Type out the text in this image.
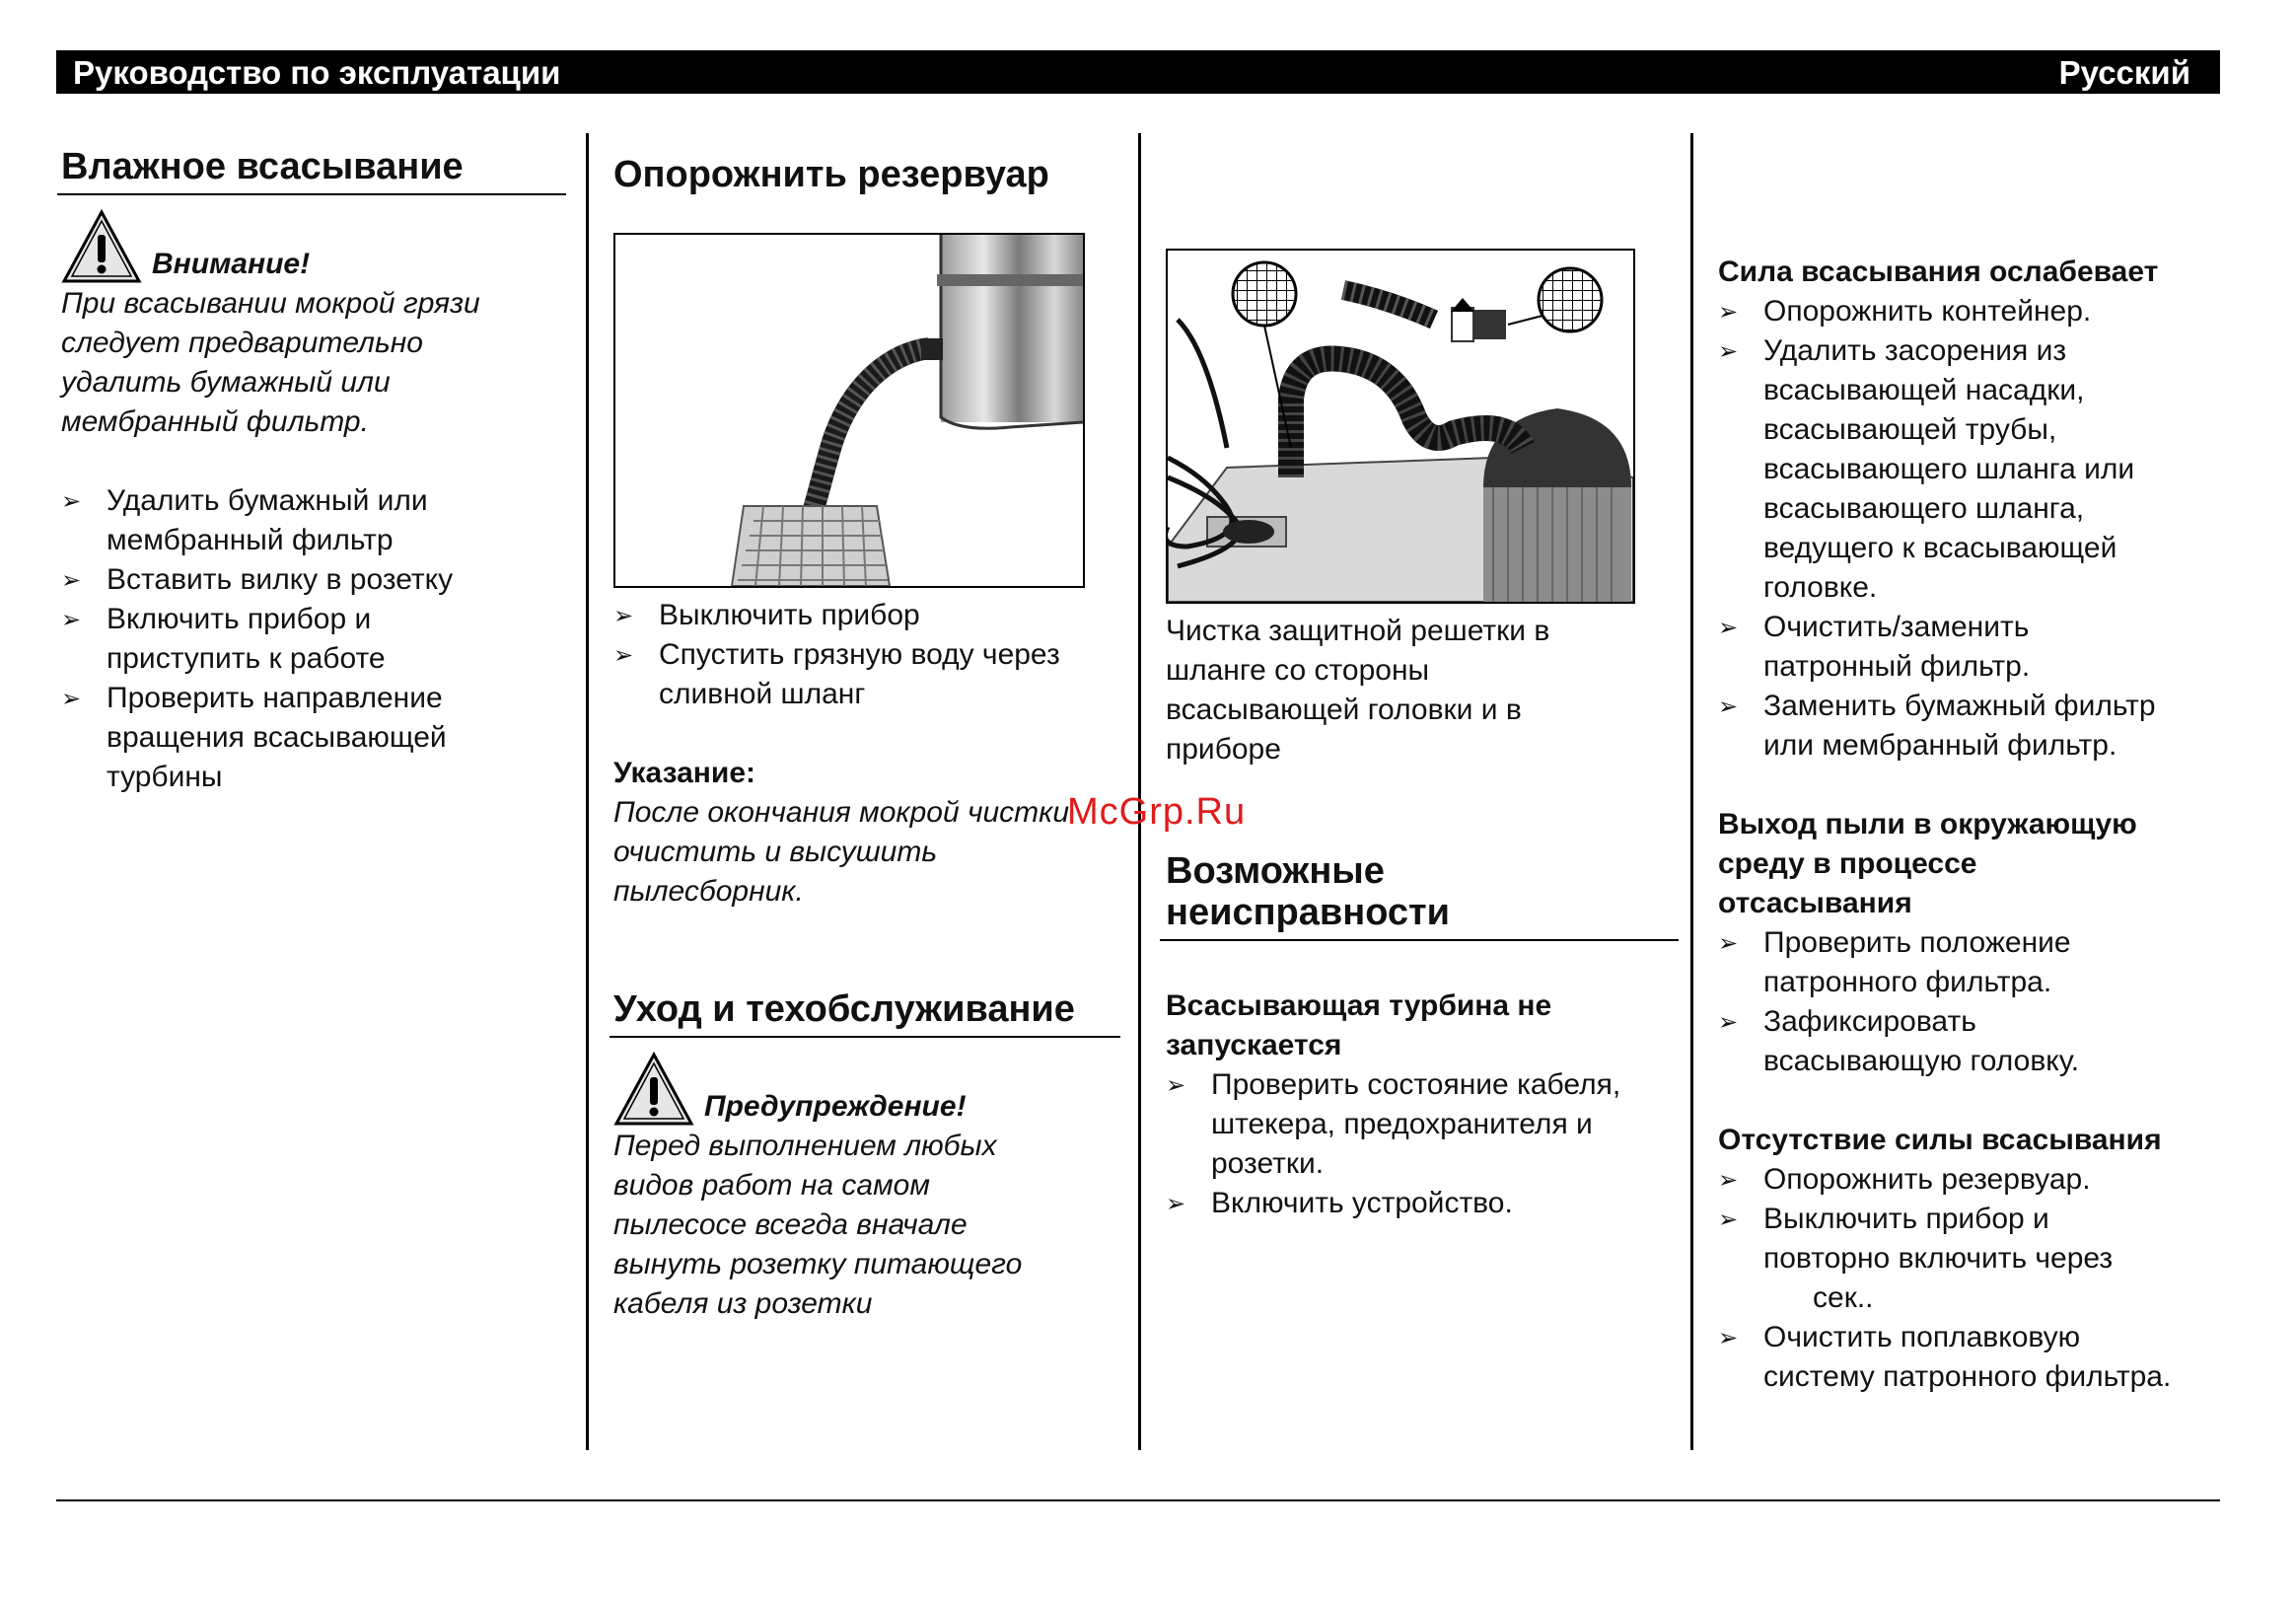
Руководство по эксплуатации	Русский
Влажное всасывание
Внимание!
При всасывании мокрой грязи
следует предварительно
удалить бумажный или
мембранный фильтр.
➢ Удалить бумажный или
мембранный фильтр
➢ Вставить вилку в розетку
➢ Включить прибор и
приступить к работе
➢ Проверить направление
вращения всасывающей
турбины
Опорожнить резервуар
➢ Выключить прибор
➢ Спустить грязную воду через
сливной шланг
Указание:
После окончания мокрой чистки
очистить и высушить
пылесборник.
Уход и техобслуживание
Предупреждение!
Перед выполнением любых
видов работ на самом
пылесосе всегда вначале
вынуть розетку питающего
кабеля из розетки
Чистка защитной решетки в
шланге со стороны
всасывающей головки и в
приборе
Возможные
неисправности
Всасывающая турбина не
запускается
➢ Проверить состояние кабеля,
штекера, предохранителя и
розетки.
➢ Включить устройство.
Сила всасывания ослабевает
➢ Опорожнить контейнер.
➢ Удалить засорения из
всасывающей насадки,
всасывающей трубы,
всасывающего шланга или
всасывающего шланга,
ведущего к всасывающей
головке.
➢ Очистить/заменить
патронный фильтр.
➢ Заменить бумажный фильтр
или мембранный фильтр.
Выход пыли в окружающую
среду в процессе
отсасывания
➢ Проверить положение
патронного фильтра.
➢ Зафиксировать
всасывающую головку.
Отсутствие силы всасывания
➢ Опорожнить резервуар.
➢ Выключить прибор и
повторно включить через
сек..
➢ Очистить поплавковую
систему патронного фильтра.
McGrp.Ru
